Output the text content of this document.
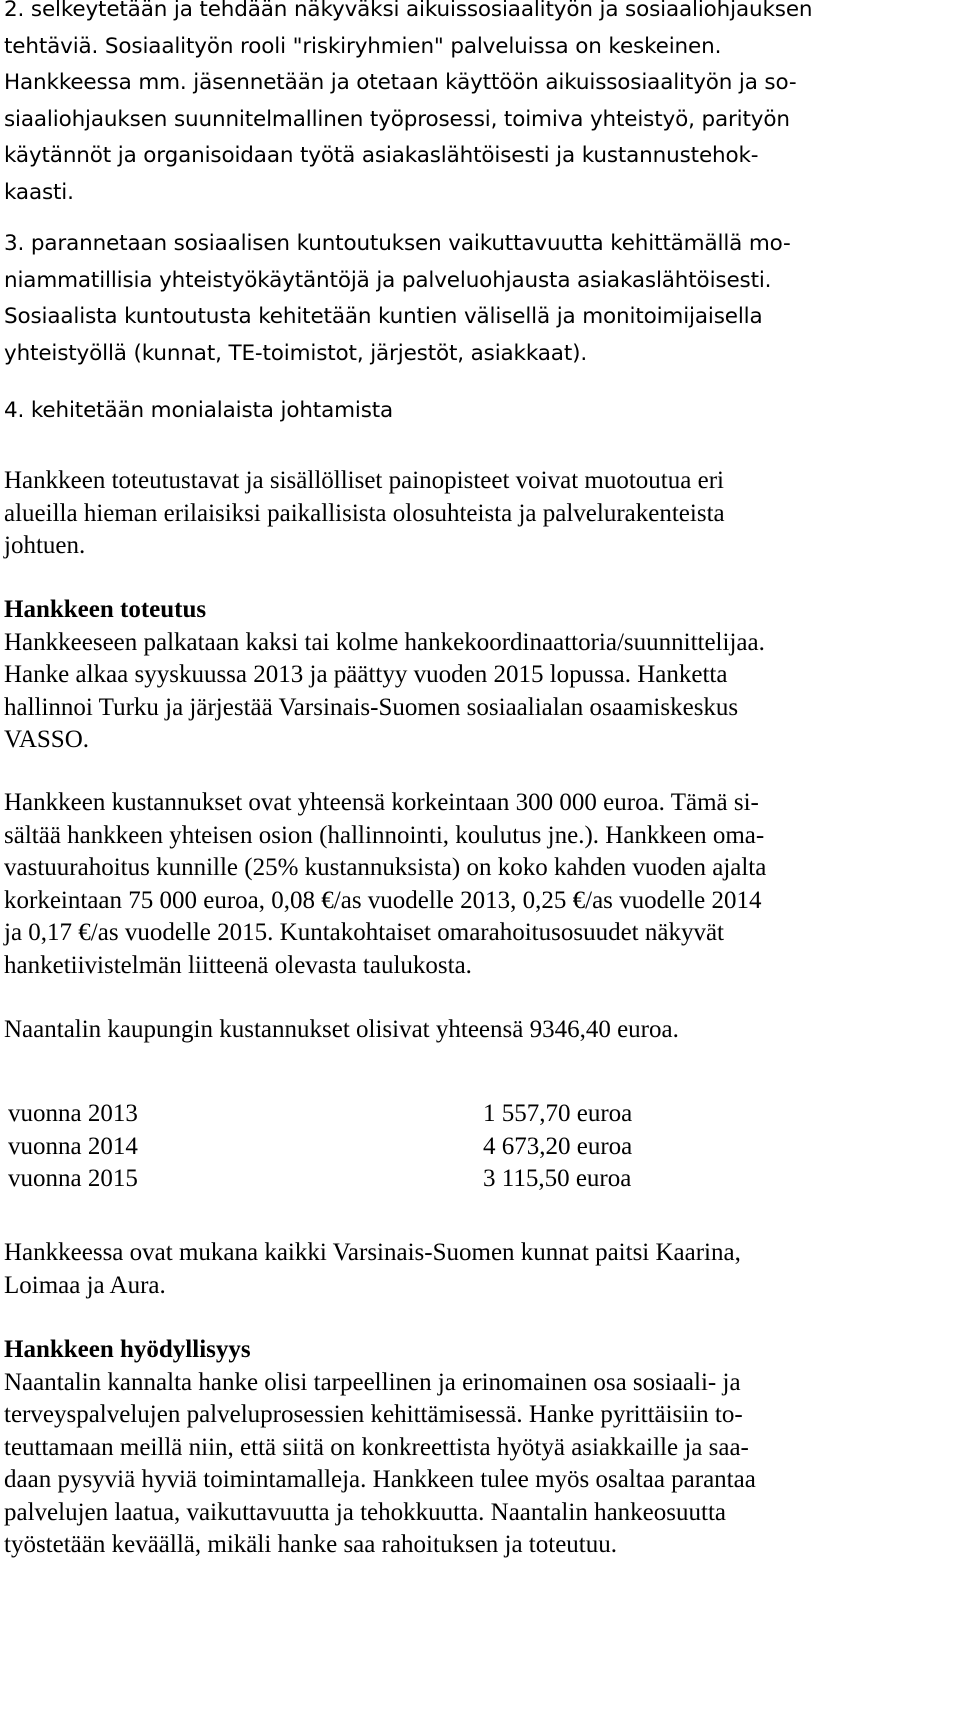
2. selkeytetään ja tehdään näkyväksi aikuissosiaalityön ja sosiaaliohjauksen
tehtäviä. Sosiaalityön rooli "riskiryhmien" palveluissa on keskeinen.
Hankkeessa mm. jäsennetään ja otetaan käyttöön aikuissosiaalityön ja so-
siaaliohjauksen suunnitelmallinen työprosessi, toimiva yhteistyö, parityön
käytännöt ja organisoidaan työtä asiakaslähtöisesti ja kustannustehok-
kaasti.
3. parannetaan sosiaalisen kuntoutuksen vaikuttavuutta kehittämällä mo-
niammatillisia yhteistyökäytäntöjä ja palveluohjausta asiakaslähtöisesti.
Sosiaalista kuntoutusta kehitetään kuntien välisellä ja monitoimijaisella
yhteistyöllä (kunnat, TE-toimistot, järjestöt, asiakkaat).
4. kehitetään monialaista johtamista
Hankkeen toteutustavat ja sisällölliset painopisteet voivat muotoutua eri
alueilla hieman erilaisiksi paikallisista olosuhteista ja palvelurakenteista
johtuen.
Hankkeen toteutus
Hankkeeseen palkataan kaksi tai kolme hankekoordinaattoria/suunnittelijaa.
Hanke alkaa syyskuussa 2013 ja päättyy vuoden 2015 lopussa. Hanketta
hallinnoi Turku ja järjestää Varsinais-Suomen sosiaalialan osaamiskeskus
VASSO.
Hankkeen kustannukset ovat yhteensä korkeintaan 300 000 euroa. Tämä si-
sältää hankkeen yhteisen osion (hallinnointi, koulutus jne.). Hankkeen oma-
vastuurahoitus kunnille (25% kustannuksista) on koko kahden vuoden ajalta
korkeintaan 75 000 euroa, 0,08 €/as vuodelle 2013, 0,25 €/as vuodelle 2014
ja 0,17 €/as vuodelle 2015. Kuntakohtaiset omarahoitusosuudet näkyvät
hanketiivistelmän liitteenä olevasta taulukosta.
Naantalin kaupungin kustannukset olisivat yhteensä 9346,40 euroa.
vuonna 2013	1 557,70 euroa
vuonna 2014	4 673,20 euroa
vuonna 2015	3 115,50 euroa
Hankkeessa ovat mukana kaikki Varsinais-Suomen kunnat paitsi Kaarina,
Loimaa ja Aura.
Hankkeen hyödyllisyys
Naantalin kannalta hanke olisi tarpeellinen ja erinomainen osa sosiaali- ja
terveyspalvelujen palveluprosessien kehittämisessä. Hanke pyrittäisiin to-
teuttamaan meillä niin, että siitä on konkreettista hyötyä asiakkaille ja saa-
daan pysyviä hyviä toimintamalleja. Hankkeen tulee myös osaltaa parantaa
palvelujen laatua, vaikuttavuutta ja tehokkuutta. Naantalin hankeosuutta
työstetään keväällä, mikäli hanke saa rahoituksen ja toteutuu.
